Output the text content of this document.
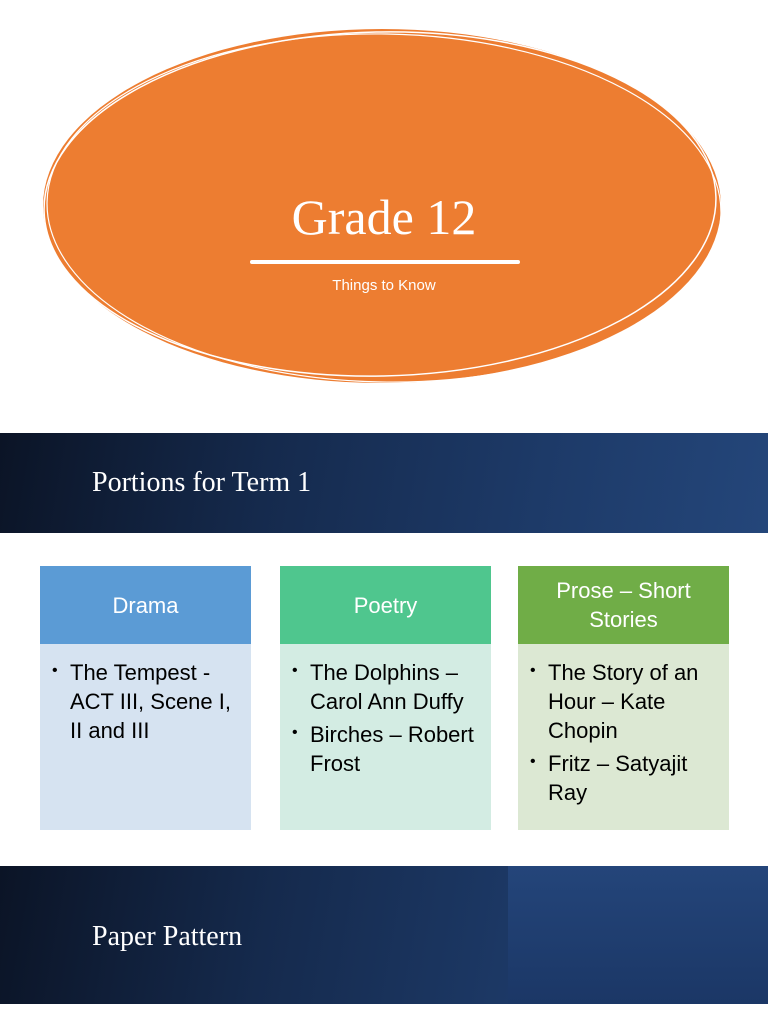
Grade 12
Things to Know
Portions for Term 1
Drama
• The Tempest - ACT III, Scene I, II and III
Poetry
• The Dolphins – Carol Ann Duffy
• Birches – Robert Frost
Prose – Short Stories
• The Story of an Hour – Kate Chopin
• Fritz – Satyajit Ray
Paper Pattern
